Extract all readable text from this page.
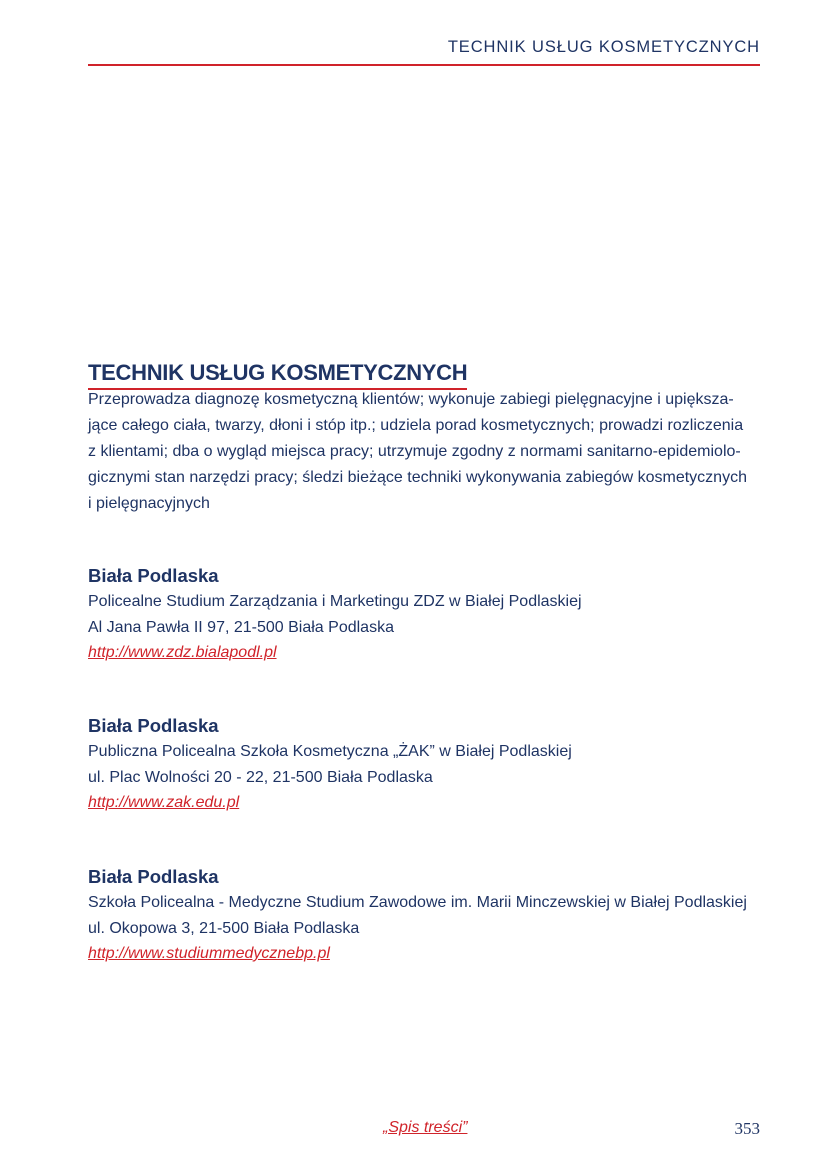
TECHNIK USŁUG KOSMETYCZNYCH
TECHNIK USŁUG KOSMETYCZNYCH
Przeprowadza diagnozę kosmetyczną klientów; wykonuje zabiegi pielęgnacyjne i upiększa-
jące całego ciała, twarzy, dłoni i stóp itp.; udziela porad kosmetycznych; prowadzi rozliczenia
z klientami; dba o wygląd miejsca pracy; utrzymuje zgodny z normami sanitarno-epidemiolo-
gicznymi stan narzędzi pracy; śledzi bieżące techniki wykonywania zabiegów kosmetycznych
i pielęgnacyjnych
Biała Podlaska
Policealne Studium Zarządzania i Marketingu ZDZ w Białej Podlaskiej
Al Jana Pawła II 97, 21-500 Biała Podlaska
http://www.zdz.bialapodl.pl
Biała Podlaska
Publiczna Policealna Szkoła Kosmetyczna „ŻAK” w Białej Podlaskiej
ul. Plac Wolności 20 - 22, 21-500 Biała Podlaska
http://www.zak.edu.pl
Biała Podlaska
Szkoła Policealna - Medyczne Studium Zawodowe im. Marii Minczewskiej w Białej Podlaskiej
ul. Okopowa 3, 21-500 Biała Podlaska
http://www.studiummedycznebp.pl
„Spis treści”	353
